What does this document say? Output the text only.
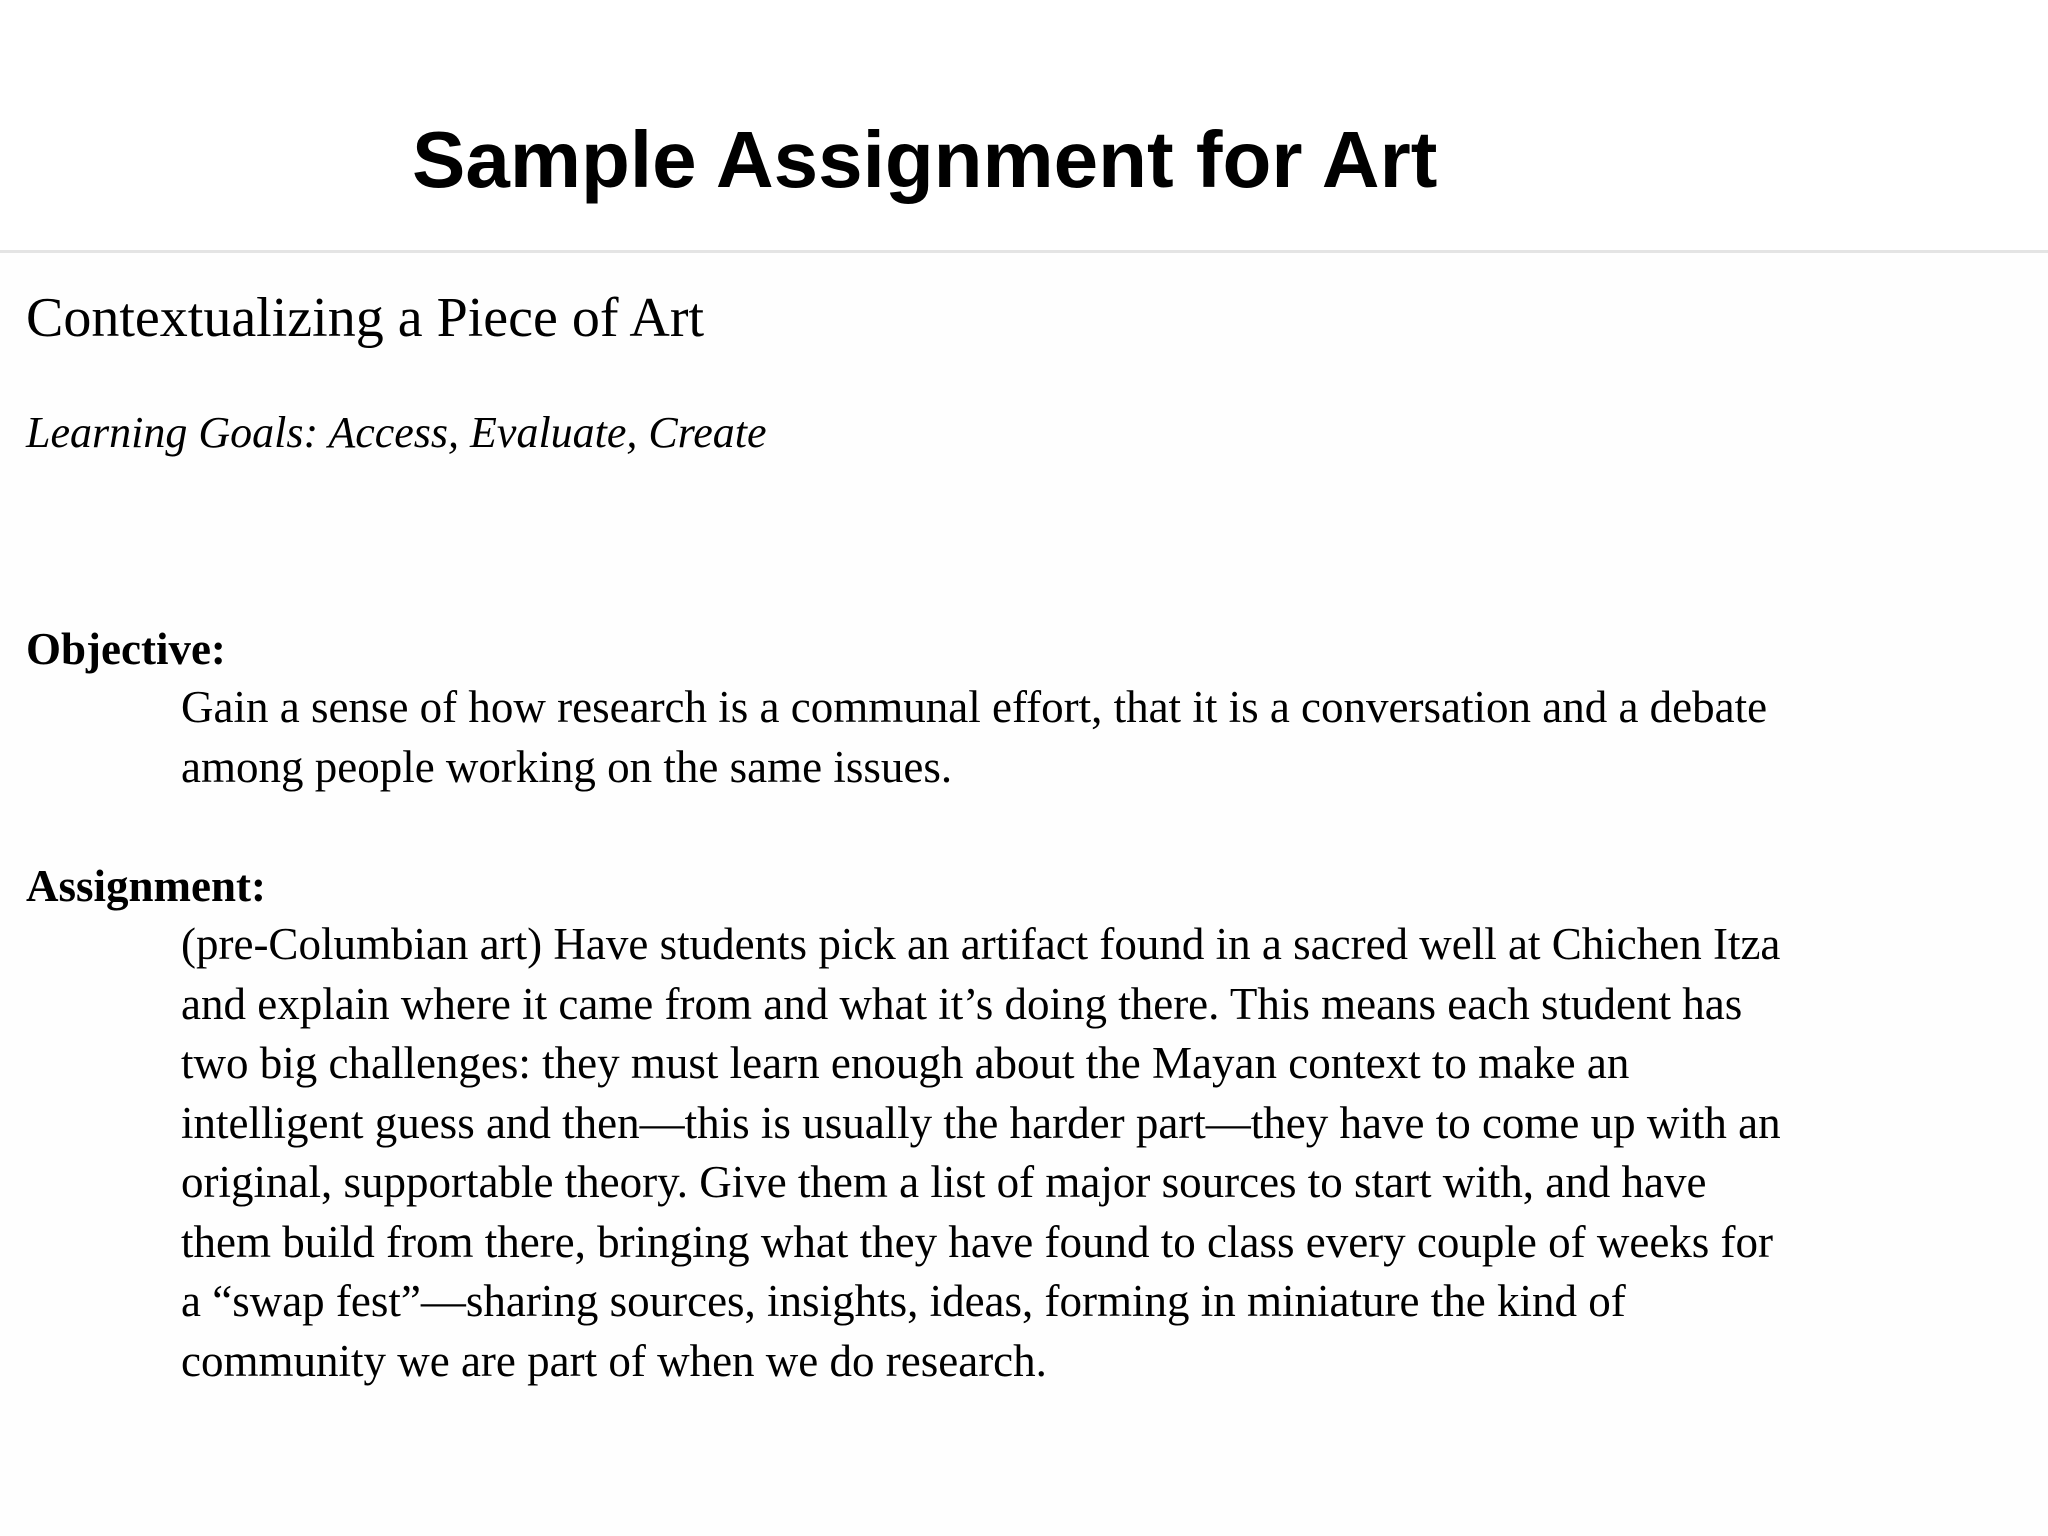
Sample Assignment for Art
Contextualizing a Piece of Art

Learning Goals: Access, Evaluate, Create

Objective:

Gain a sense of how research is a communal effort, that it is a conversation and a debate
among people working on the same issues.

Assignment:

(pre-Columbian art) Have students pick an artifact found in a sacred well at Chichen Itza
and explain where it came from and what it’s doing there. This means each student has
two big challenges: they must learn enough about the Mayan context to make an
intelligent guess and then—this is usually the harder part—they have to come up with an
original, supportable theory. Give them a list of major sources to start with, and have
them build from there, bringing what they have found to class every couple of weeks for
a “swap fest”—sharing sources, insights, ideas, forming in miniature the kind of
community we are part of when we do research.
